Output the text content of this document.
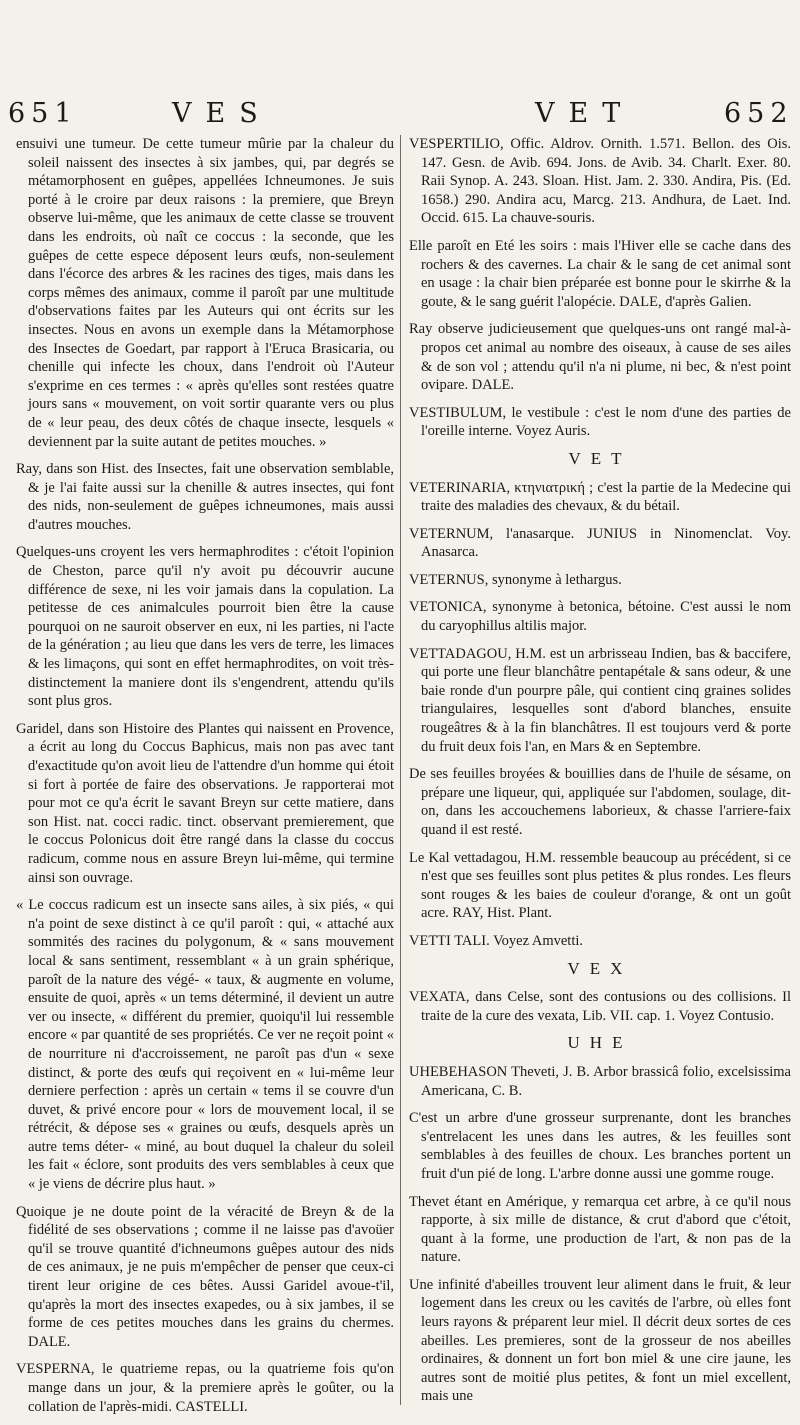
651	VES	VET	652

ensuivi une tumeur. De cette tumeur mûrie par la chaleur du soleil naissent des insectes à six jambes, qui, par degrés se métamorphosent en guêpes, appellées Ichneumones. Je suis porté à le croire par deux raisons : la premiere, que Breyn observe lui-même, que les animaux de cette classe se trouvent dans les endroits, où naît ce coccus : la seconde, que les guêpes de cette espece déposent leurs œufs, non-seulement dans l'écorce des arbres & les racines des tiges, mais dans les corps mêmes des animaux, comme il paroît par une multitude d'observations faites par les Auteurs qui ont écrits sur les insectes. Nous en avons un exemple dans la Métamorphose des Insectes de Goedart, par rapport à l'Eruca Brasicaria, ou chenille qui infecte les choux, dans l'endroit où l'Auteur s'exprime en ces termes : « après qu'elles sont restées quatre jours sans « mouvement, on voit sortir quarante vers ou plus de « leur peau, des deux côtés de chaque insecte, lesquels « deviennent par la suite autant de petites mouches. »

Ray, dans son Hist. des Insectes, fait une observation semblable, & je l'ai faite aussi sur la chenille & autres insectes, qui font des nids, non-seulement de guêpes ichneumones, mais aussi d'autres mouches.

Quelques-uns croyent les vers hermaphrodites : c'étoit l'opinion de Cheston, parce qu'il n'y avoit pu découvrir aucune différence de sexe, ni les voir jamais dans la copulation. La petitesse de ces animalcules pourroit bien être la cause pourquoi on ne sauroit observer en eux, ni les parties, ni l'acte de la génération ; au lieu que dans les vers de terre, les limaces & les limaçons, qui sont en effet hermaphrodites, on voit très-distinctement la maniere dont ils s'engendrent, attendu qu'ils sont plus gros.

Garidel, dans son Histoire des Plantes qui naissent en Provence, a écrit au long du Coccus Baphicus, mais non pas avec tant d'exactitude qu'on avoit lieu de l'attendre d'un homme qui étoit si fort à portée de faire des observations. Je rapporterai mot pour mot ce qu'a écrit le savant Breyn sur cette matiere, dans son Hist. nat. cocci radic. tinct. observant premierement, que le coccus Polonicus doit être rangé dans la classe du coccus radicum, comme nous en assure Breyn lui-même, qui termine ainsi son ouvrage.

« Le coccus radicum est un insecte sans ailes, à six piés, « qui n'a point de sexe distinct à ce qu'il paroît : qui, « attaché aux sommités des racines du polygonum, & « sans mouvement local & sans sentiment, ressemblant « à un grain sphérique, paroît de la nature des végé- « taux, & augmente en volume, ensuite de quoi, après « un tems déterminé, il devient un autre ver ou insecte, « différent du premier, quoiqu'il lui ressemble encore « par quantité de ses propriétés. Ce ver ne reçoit point « de nourriture ni d'accroissement, ne paroît pas d'un « sexe distinct, & porte des œufs qui reçoivent en « lui-même leur derniere perfection : après un certain « tems il se couvre d'un duvet, & privé encore pour « lors de mouvement local, il se rétrécit, & dépose ses « graines ou œufs, desquels après un autre tems déter- « miné, au bout duquel la chaleur du soleil les fait « éclore, sont produits des vers semblables à ceux que « je viens de décrire plus haut. »

Quoique je ne doute point de la véracité de Breyn & de la fidélité de ses observations ; comme il ne laisse pas d'avoüer qu'il se trouve quantité d'ichneumons guêpes autour des nids de ces animaux, je ne puis m'empêcher de penser que ceux-ci tirent leur origine de ces bêtes. Aussi Garidel avoue-t'il, qu'après la mort des insectes exapedes, ou à six jambes, il se forme de ces petites mouches dans les grains du chermes. DALE.

VESPERNA, le quatrieme repas, ou la quatrieme fois qu'on mange dans un jour, & la premiere après le goûter, ou la collation de l'après-midi. CASTELLI.

VESPERTILIO, Offic. Aldrov. Ornith. 1.571. Bellon. des Ois. 147. Gesn. de Avib. 694. Jons. de Avib. 34. Charlt. Exer. 80. Raii Synop. A. 243. Sloan. Hist. Jam. 2. 330. Andira, Pis. (Ed. 1658.) 290. Andira acu, Marcg. 213. Andhura, de Laet. Ind. Occid. 615. La chauve-souris.

Elle paroît en Eté les soirs : mais l'Hiver elle se cache dans des rochers & des cavernes. La chair & le sang de cet animal sont en usage : la chair bien préparée est bonne pour le skirrhe & la goute, & le sang guérit l'alopécie. DALE, d'après Galien.

Ray observe judicieusement que quelques-uns ont rangé mal-à-propos cet animal au nombre des oiseaux, à cause de ses ailes & de son vol ; attendu qu'il n'a ni plume, ni bec, & n'est point ovipare. DALE.

VESTIBULUM, le vestibule : c'est le nom d'une des parties de l'oreille interne. Voyez Auris.

VET

VETERINARIA, κτηνιατρική ; c'est la partie de la Medecine qui traite des maladies des chevaux, & du bétail.

VETERNUM, l'anasarque. JUNIUS in Ninomenclat. Voy. Anasarca.

VETERNUS, synonyme à lethargus.

VETONICA, synonyme à betonica, bétoine. C'est aussi le nom du caryophillus altilis major.

VETTADAGOU, H.M. est un arbrisseau Indien, bas & baccifere, qui porte une fleur blanchâtre pentapétale & sans odeur, & une baie ronde d'un pourpre pâle, qui contient cinq graines solides triangulaires, lesquelles sont d'abord blanches, ensuite rougeâtres & à la fin blanchâtres. Il est toujours verd & porte du fruit deux fois l'an, en Mars & en Septembre.

De ses feuilles broyées & bouillies dans de l'huile de sésame, on prépare une liqueur, qui, appliquée sur l'abdomen, soulage, dit-on, dans les accouchemens laborieux, & chasse l'arriere-faix quand il est resté.

Le Kal vettadagou, H.M. ressemble beaucoup au précédent, si ce n'est que ses feuilles sont plus petites & plus rondes. Les fleurs sont rouges & les baies de couleur d'orange, & ont un goût acre. RAY, Hist. Plant.

VETTI TALI. Voyez Amvetti.

VEX

VEXATA, dans Celse, sont des contusions ou des collisions. Il traite de la cure des vexata, Lib. VII. cap. 1. Voyez Contusio.

UHE

UHEBEHASON Theveti, J. B. Arbor brassicâ folio, excelsissima Americana, C. B.

C'est un arbre d'une grosseur surprenante, dont les branches s'entrelacent les unes dans les autres, & les feuilles sont semblables à des feuilles de choux. Les branches portent un fruit d'un pié de long. L'arbre donne aussi une gomme rouge.

Thevet étant en Amérique, y remarqua cet arbre, à ce qu'il nous rapporte, à six mille de distance, & crut d'abord que c'étoit, quant à la forme, une production de l'art, & non pas de la nature.

Une infinité d'abeilles trouvent leur aliment dans le fruit, & leur logement dans les creux ou les cavités de l'arbre, où elles font leurs rayons & préparent leur miel. Il décrit deux sortes de ces abeilles. Les premieres, sont de la grosseur de nos abeilles ordinaires, & donnent un fort bon miel & une cire jaune, les autres sont de moitié plus petites, & font un miel excellent, mais une
